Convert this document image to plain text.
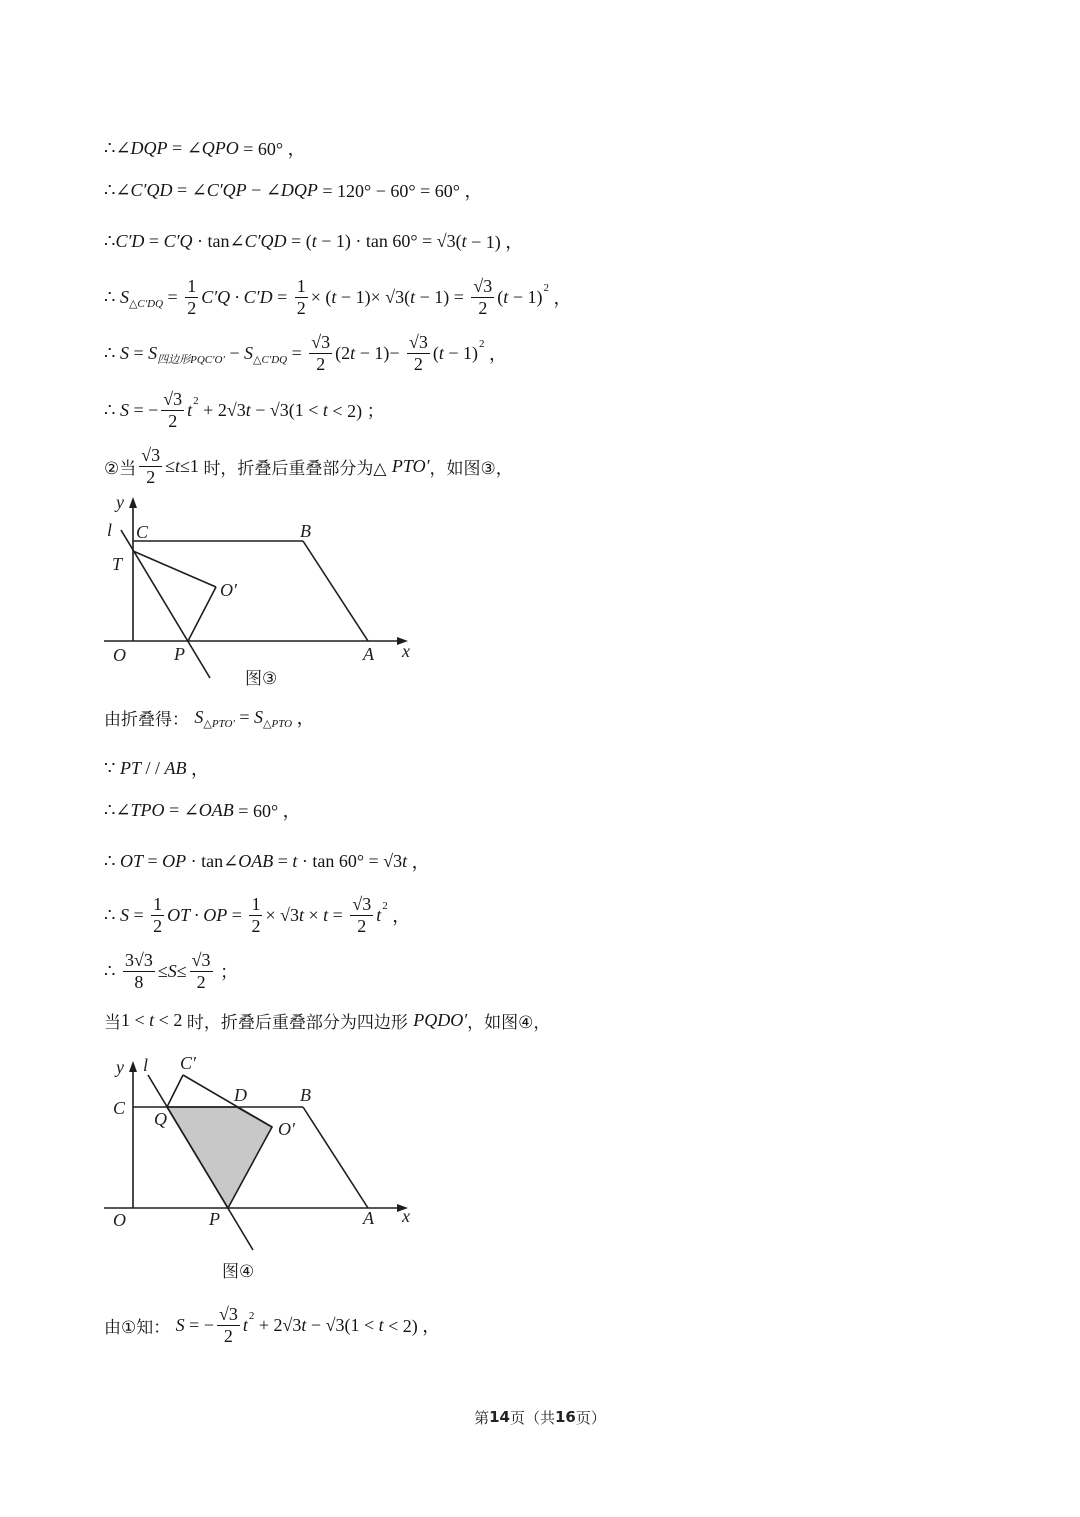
∴∠ DQP = ∠ QPO = 60° ，
∴∠ C′QD = ∠ C′QP − ∠ DQP = 120° − 60° = 60° ，
∴ C′D = C′Q · tan∠ C′QD = ( t − 1) · tan 60° = √3( t − 1) ，
∴ S △C′DQ = $\frac{1}{2} C'Q \cdot C'D = \frac{1}{2}$ × ( t − 1)× √3( $t - 1) = \frac{√3}{2}$ ( t − 1) 2 ，
∴ S = S 四边形PQC′O′ − S △C′DQ = $\frac{√3}{2} (2$ $t - 1)- \frac{√3}{2}$ ( t − 1) 2 ，
∴ S = − $\frac{√3}{2}$ t 2 + 2√3 t − √3(1 < t < 2) ；
②当 $\frac{√3}{2} \le t \le 1$ 时，折叠后重叠部分为△ PTO′ ，如图③，
y
l C	B
T
O′
O	P	A x
图③
由折叠得： S △PTO′ = S △PTO ，
∵ PT / / AB ，
∴∠ TPO = ∠ OAB = 60° ，
∴ OT = OP · tan∠ OAB = t · tan 60° = √3 t ，
∴ $S = \frac{1}{2}$ OT · OP = $\frac{1}{2} \times √3$ $t \times t = \frac{√3}{2}$ t 2 ，
∴ $\frac{3√3}{8} \le S \le \frac{√3}{2}$ ；
当 1 < t < 2 时，折叠后重叠部分为四边形 PQDO′ ，如图④，
y l C′
D	B
C
Q	O′
O	P	A x
图④
由①知： S = − $\frac{√3}{2}$ t 2 + 2√3 t − √3(1 < t < 2) ，
第 14 页（共 16 页）
